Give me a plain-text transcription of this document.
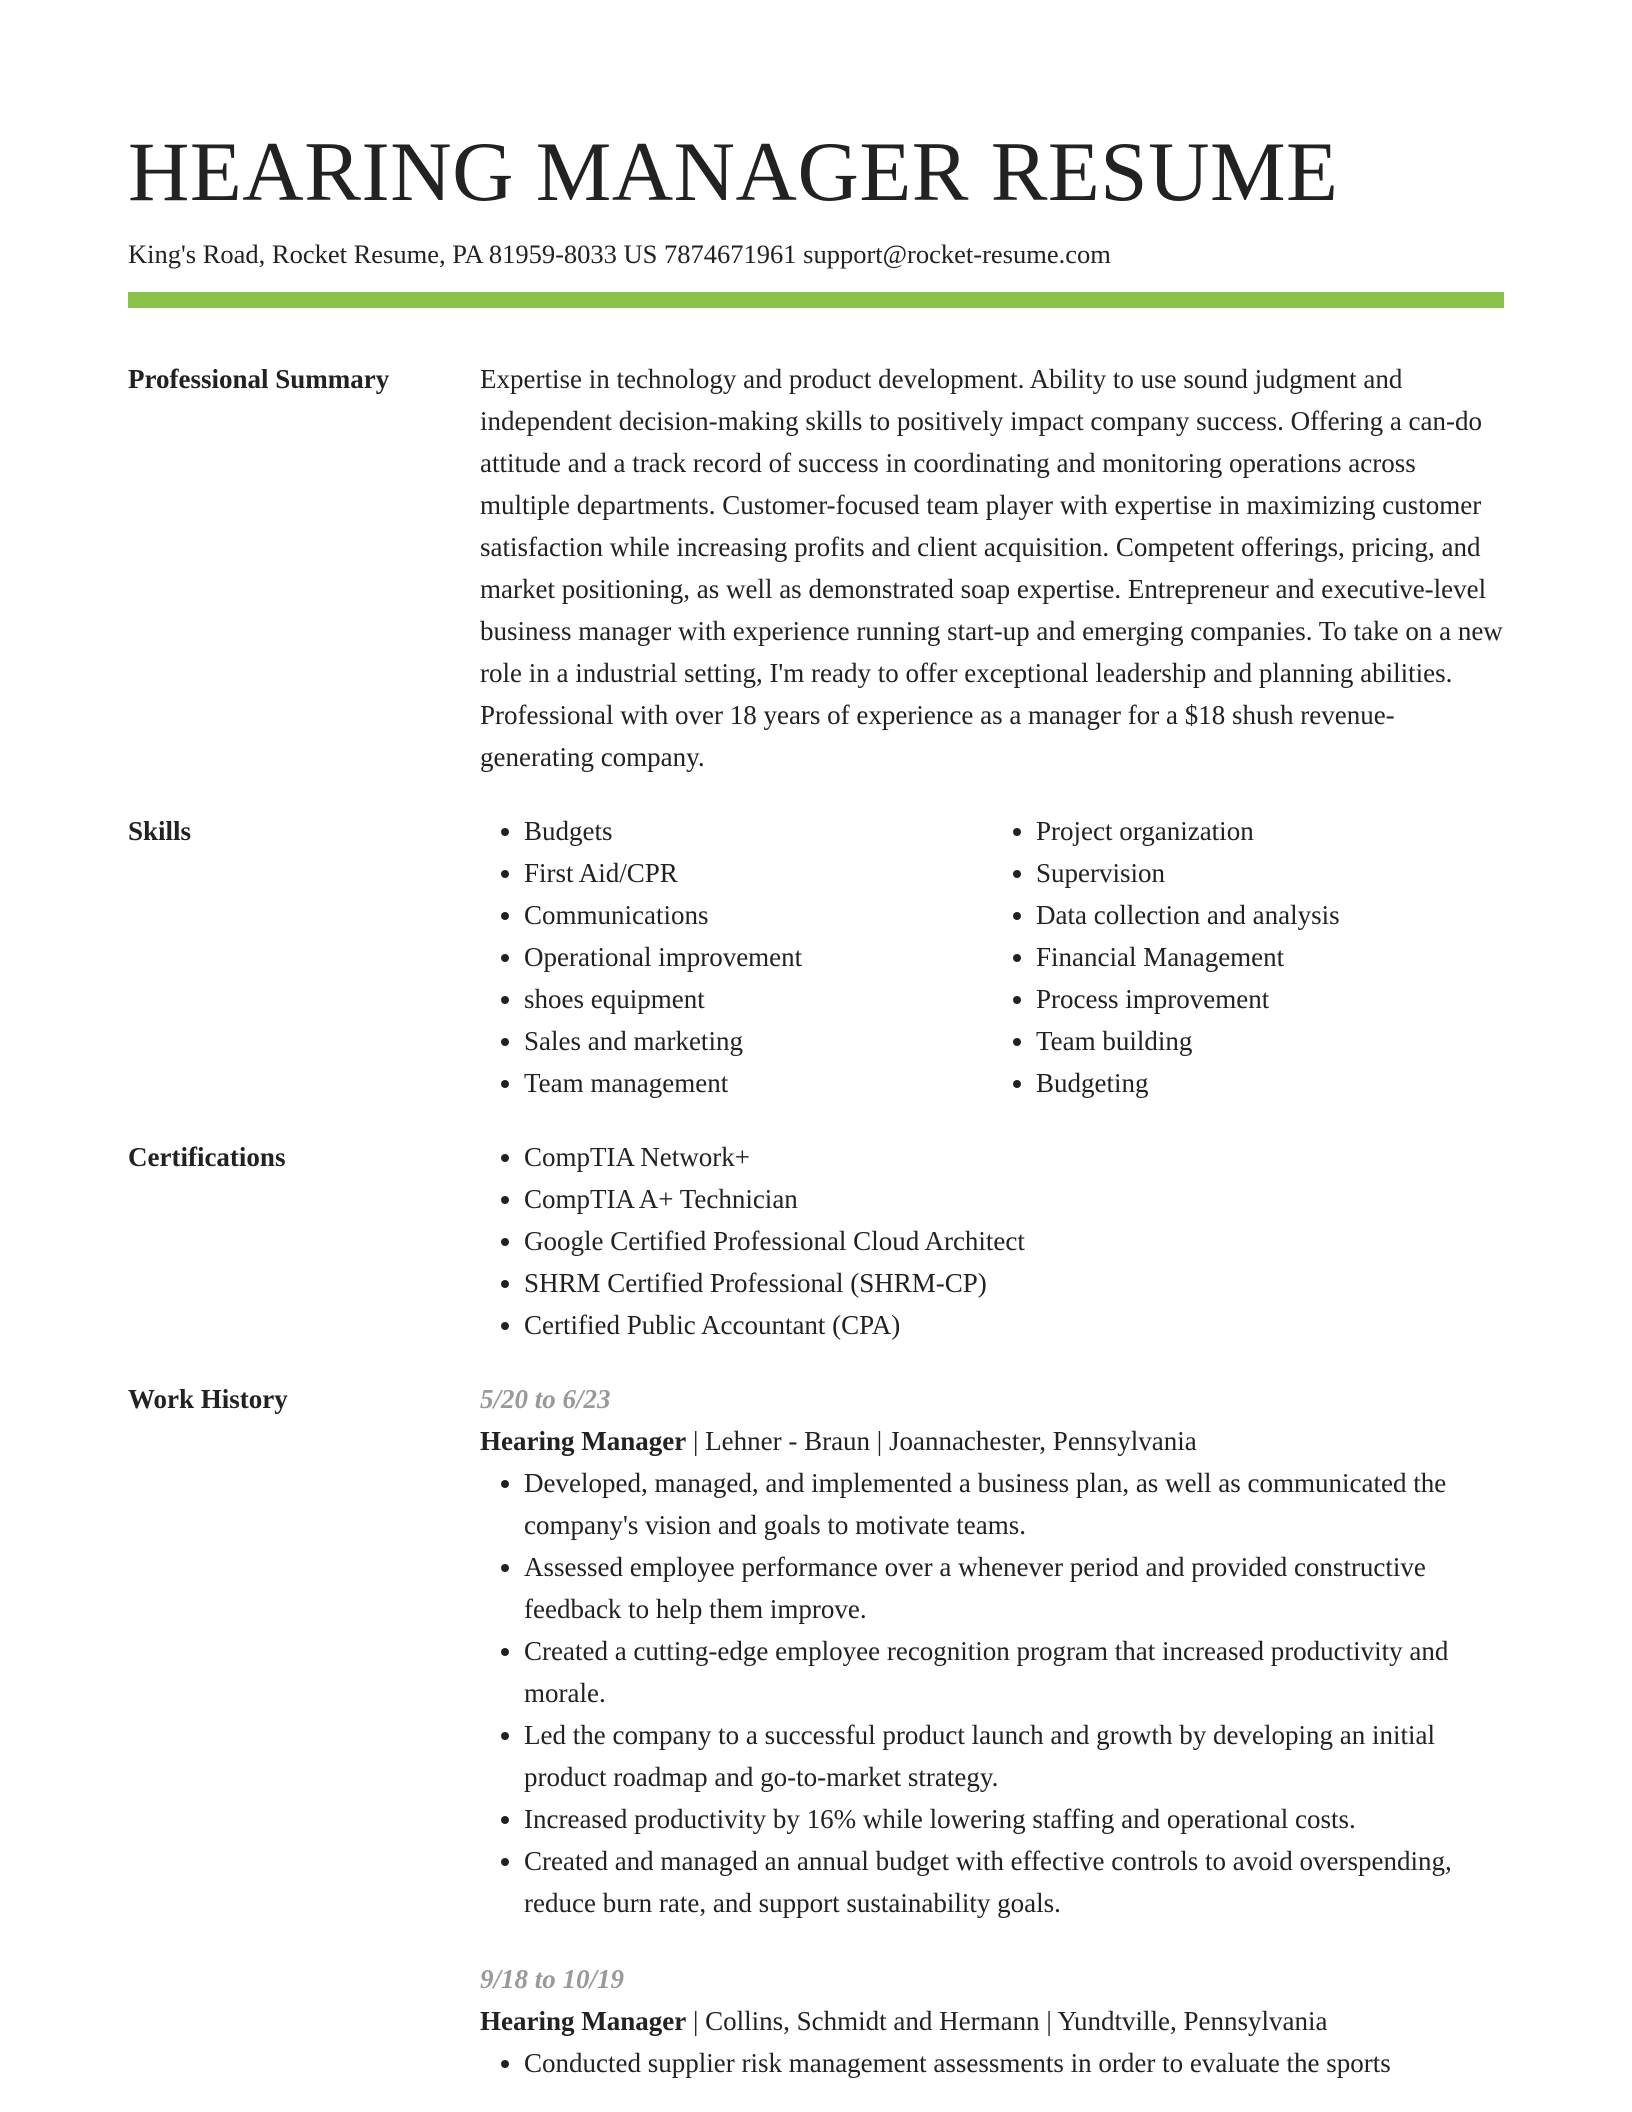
HEARING MANAGER RESUME
King's Road, Rocket Resume, PA 81959-8033 US 7874671961 support@rocket-resume.com
Professional Summary	Expertise in technology and product development. Ability to use sound judgment and independent decision-making skills to positively impact company success. Offering a can-do attitude and a track record of success in coordinating and monitoring operations across multiple departments. Customer-focused team player with expertise in maximizing customer satisfaction while increasing profits and client acquisition. Competent offerings, pricing, and market positioning, as well as demonstrated soap expertise. Entrepreneur and executive-level business manager with experience running start-up and emerging companies. To take on a new role in a industrial setting, I'm ready to offer exceptional leadership and planning abilities. Professional with over 18 years of experience as a manager for a $18 shush revenue-generating company.
Skills	• Budgets
• First Aid/CPR
• Communications
• Operational improvement
• shoes equipment
• Sales and marketing
• Team management
• Project organization
• Supervision
• Data collection and analysis
• Financial Management
• Process improvement
• Team building
• Budgeting
Certifications	• CompTIA Network+
• CompTIA A+ Technician
• Google Certified Professional Cloud Architect
• SHRM Certified Professional (SHRM-CP)
• Certified Public Accountant (CPA)
Work History	5/20 to 6/23
Hearing Manager | Lehner - Braun | Joannachester, Pennsylvania
• Developed, managed, and implemented a business plan, as well as communicated the company's vision and goals to motivate teams.
• Assessed employee performance over a whenever period and provided constructive feedback to help them improve.
• Created a cutting-edge employee recognition program that increased productivity and morale.
• Led the company to a successful product launch and growth by developing an initial product roadmap and go-to-market strategy.
• Increased productivity by 16% while lowering staffing and operational costs.
• Created and managed an annual budget with effective controls to avoid overspending, reduce burn rate, and support sustainability goals.
9/18 to 10/19
Hearing Manager | Collins, Schmidt and Hermann | Yundtville, Pennsylvania
• Conducted supplier risk management assessments in order to evaluate the sports
